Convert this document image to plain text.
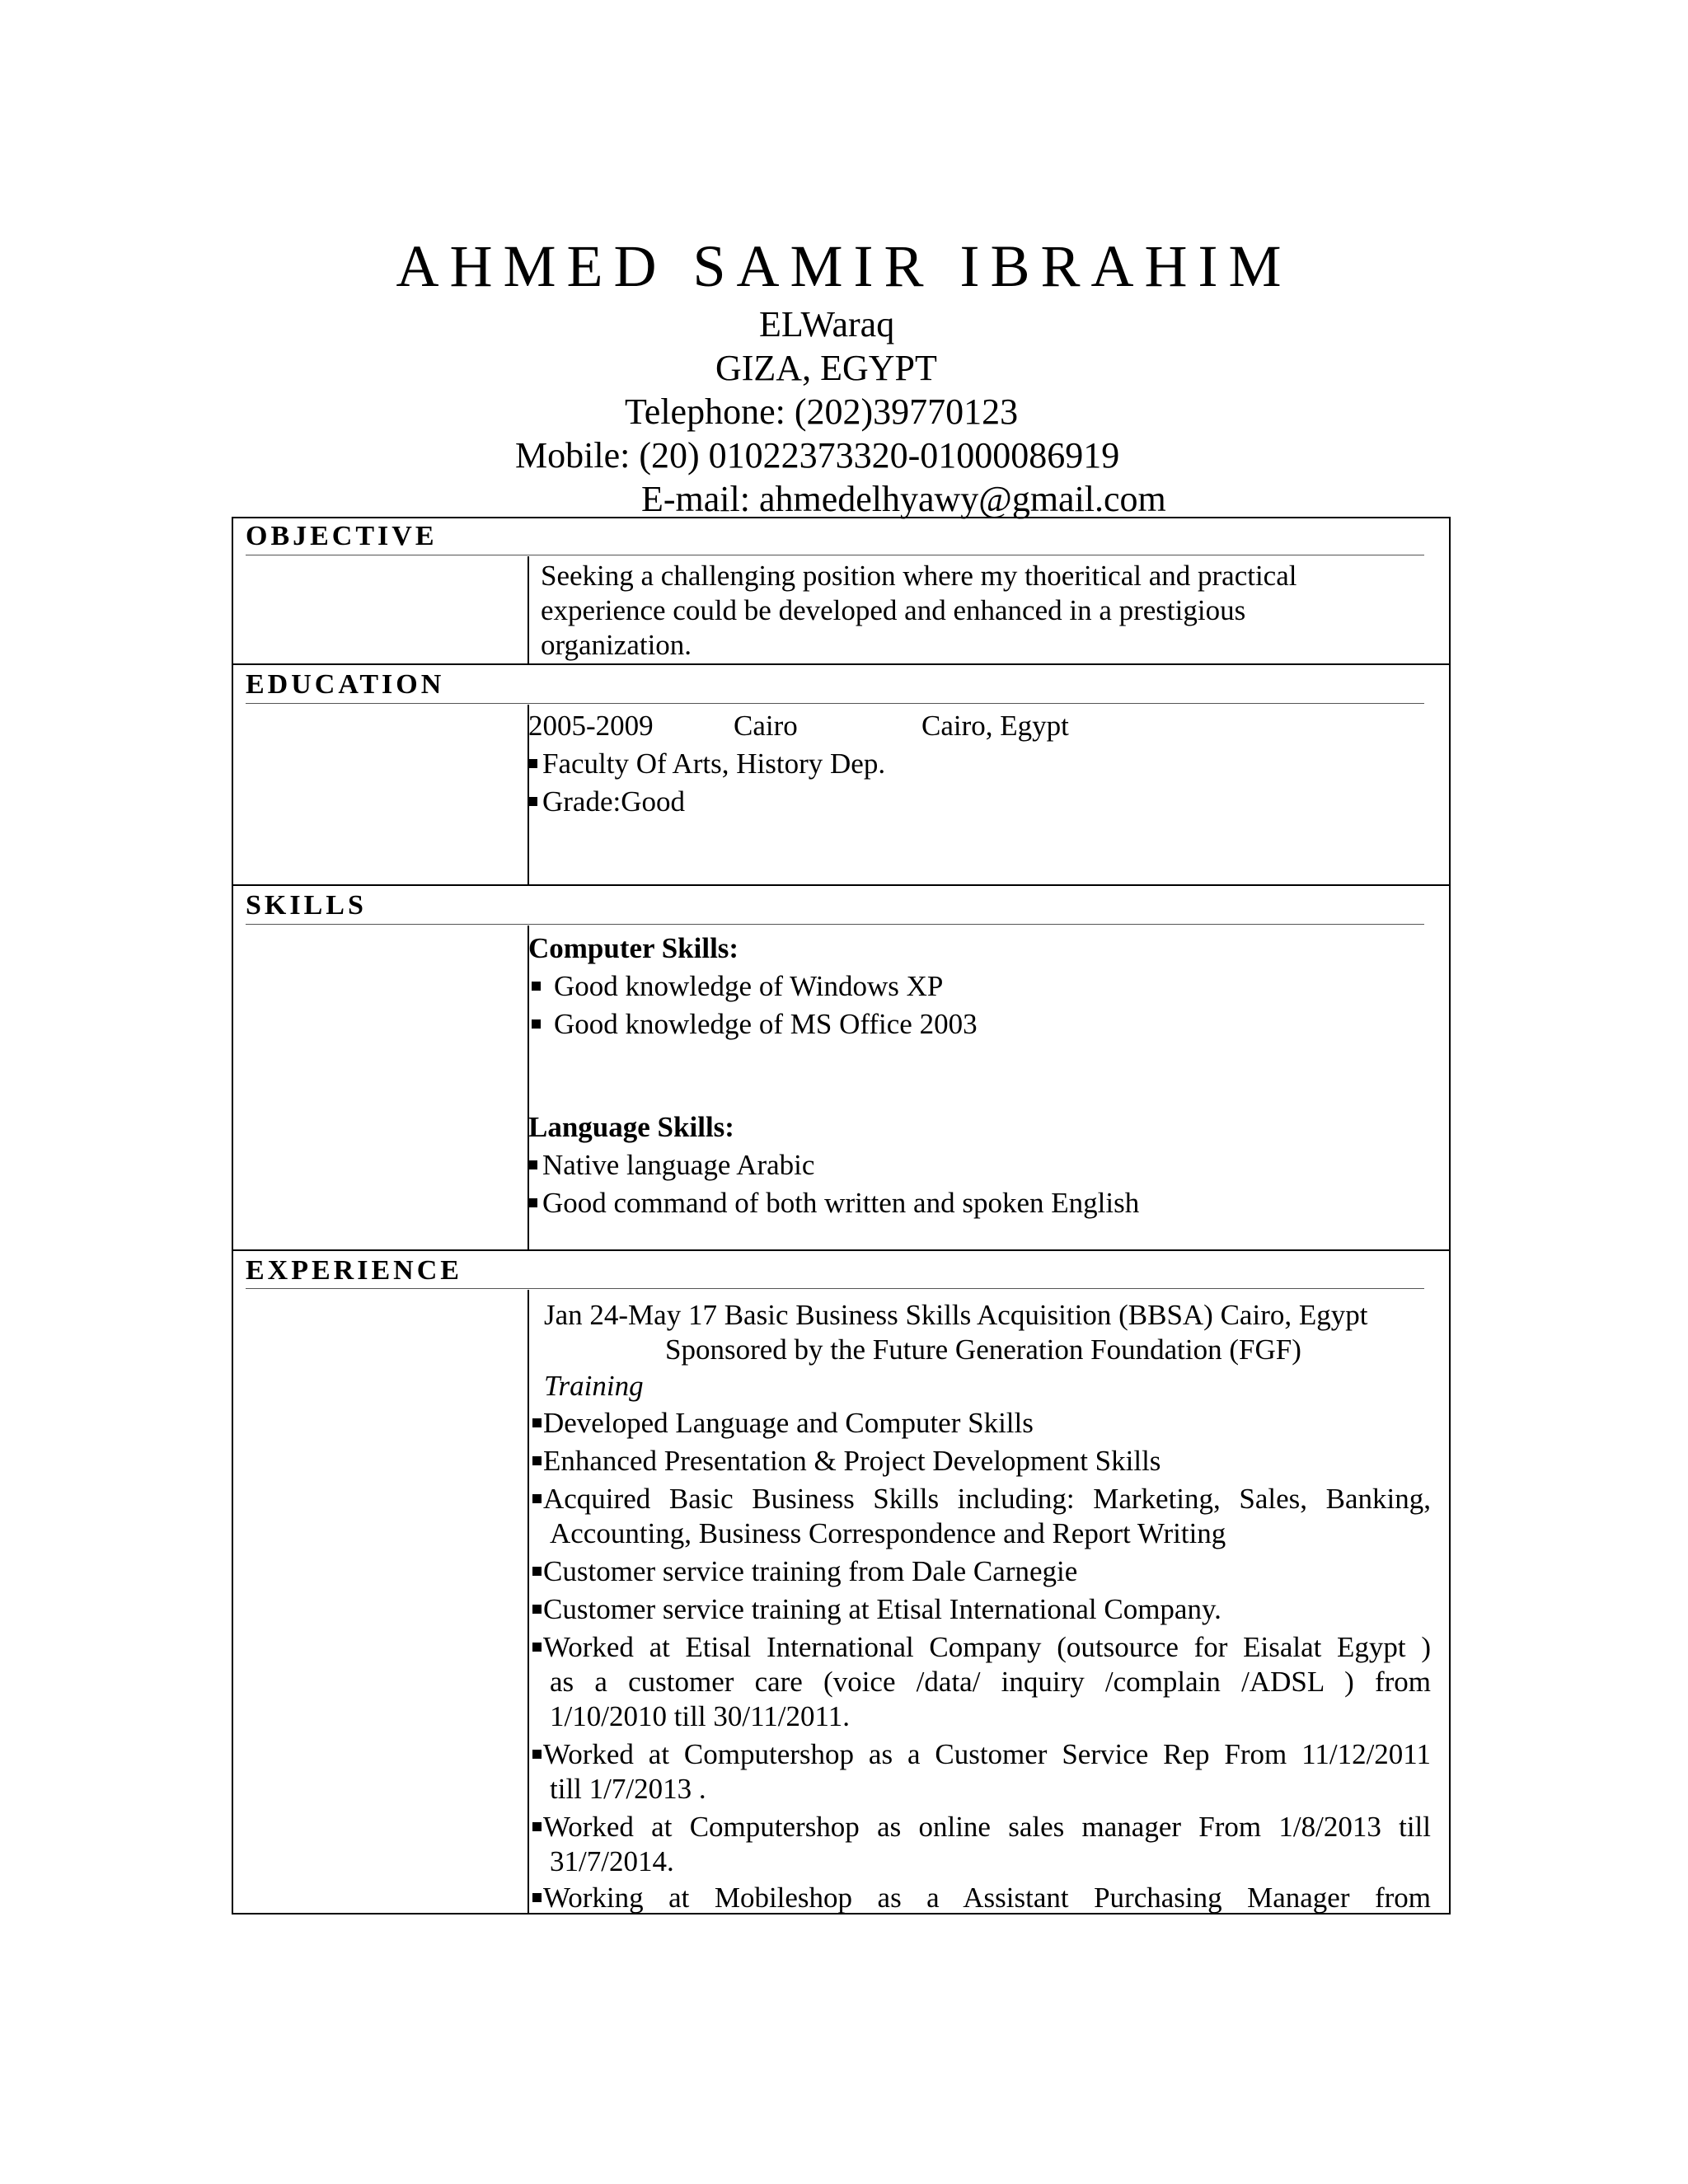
AHMED SAMIR IBRAHIM
ELWaraq
GIZA, EGYPT
Telephone: (202)39770123
Mobile: (20) 01022373320-01000086919
E-mail: ahmedelhyawy@gmail.com
OBJECTIVE
Seeking a challenging position where my thoeritical and practical
experience could be developed and enhanced in a prestigious
organization.
EDUCATION
2005-2009	Cairo	Cairo, Egypt
Faculty Of Arts, History Dep.
Grade:Good
SKILLS
Computer Skills:
Good knowledge of Windows XP
Good knowledge of MS Office 2003
Language Skills:
Native language Arabic
Good command of both written and spoken English
EXPERIENCE
Jan 24-May 17 Basic Business Skills Acquisition (BBSA) Cairo, Egypt
Sponsored by the Future Generation Foundation (FGF)
Training
Developed Language and Computer Skills
Enhanced Presentation & Project Development Skills
Acquired Basic Business Skills including: Marketing, Sales, Banking,
Accounting, Business Correspondence and Report Writing
Customer service training from Dale Carnegie
Customer service training at Etisal International Company.
Worked at Etisal International Company (outsource for Eisalat Egypt )
as a customer care (voice /data/ inquiry /complain /ADSL ) from
1/10/2010 till 30/11/2011.
Worked at Computershop as a Customer Service Rep From 11/12/2011
till 1/7/2013 .
Worked at Computershop as online sales manager From 1/8/2013 till
31/7/2014.
Working at Mobileshop as a Assistant Purchasing Manager from
